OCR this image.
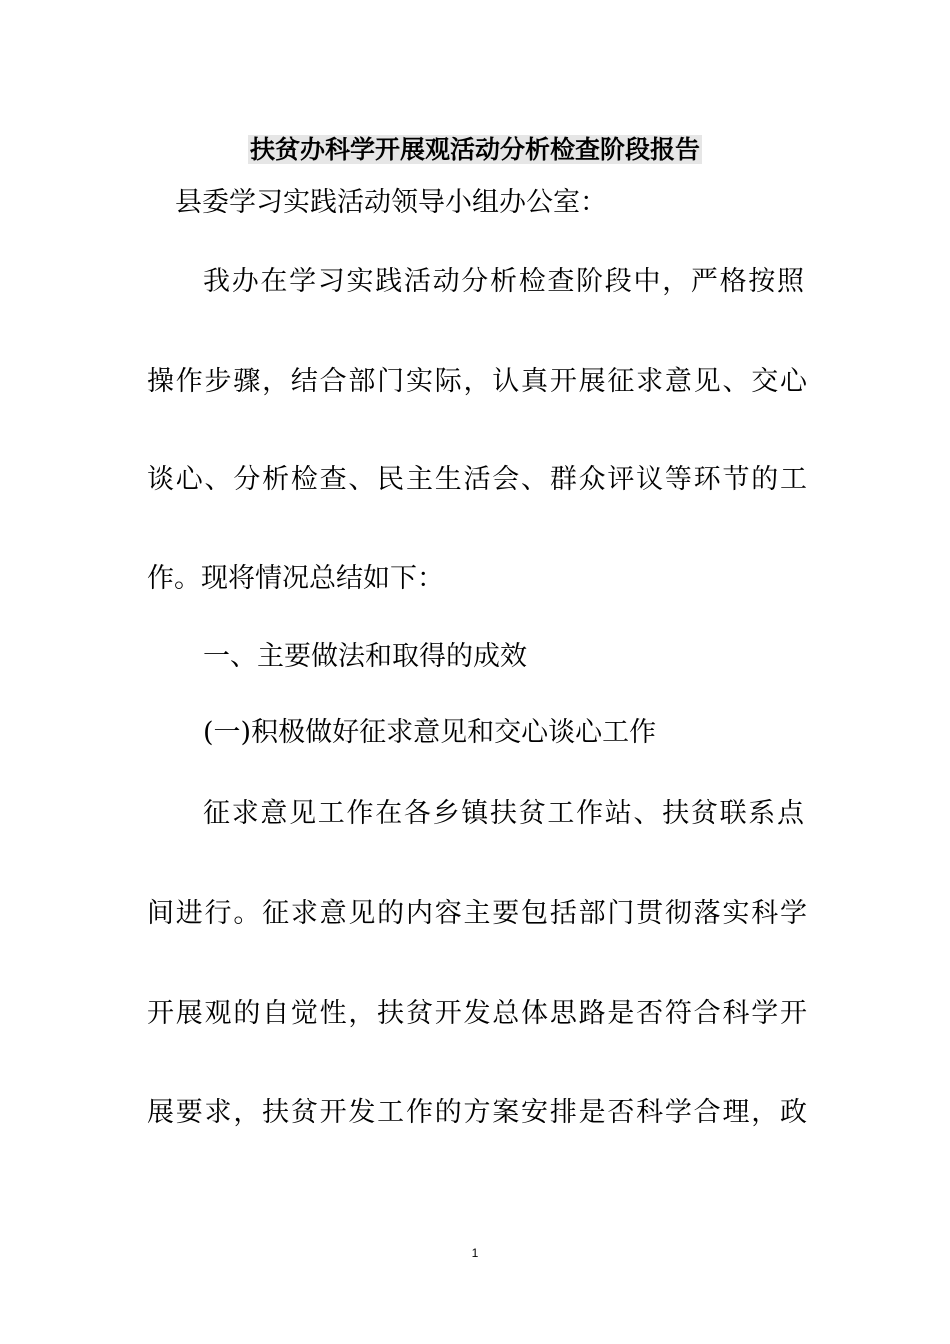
扶贫办科学开展观活动分析检查阶段报告
县委学习实践活动领导小组办公室：
我办在学习实践活动分析检查阶段中，严格按照
操作步骤，结合部门实际，认真开展征求意见、交心
谈心、分析检查、民主生活会、群众评议等环节的工
作。现将情况总结如下：
一、主要做法和取得的成效
(一)积极做好征求意见和交心谈心工作
征求意见工作在各乡镇扶贫工作站、扶贫联系点
间进行。征求意见的内容主要包括部门贯彻落实科学
开展观的自觉性，扶贫开发总体思路是否符合科学开
展要求，扶贫开发工作的方案安排是否科学合理，政
1
